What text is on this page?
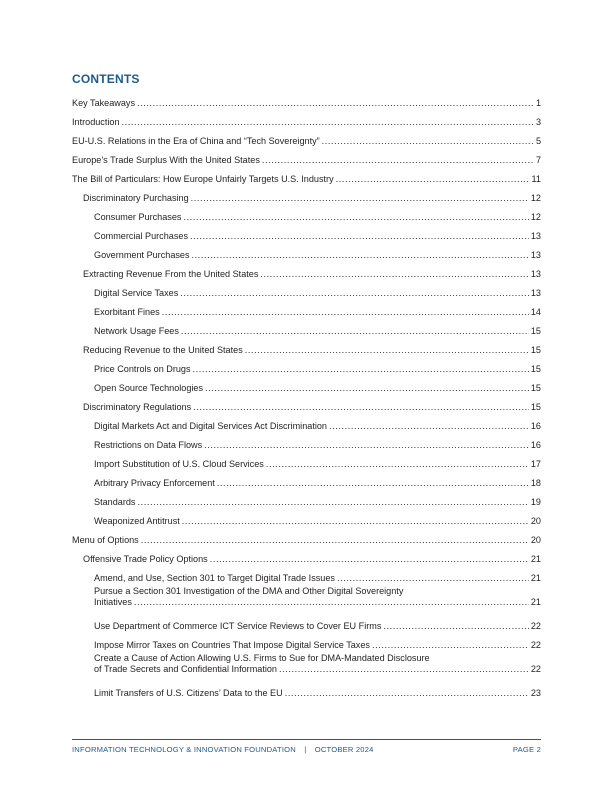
CONTENTS
Key Takeaways .....	1
Introduction .....	3
EU-U.S. Relations in the Era of China and “Tech Sovereignty” .....	5
Europe’s Trade Surplus With the United States .....	7
The Bill of Particulars: How Europe Unfairly Targets U.S. Industry .....	11
Discriminatory Purchasing .....	12
Consumer Purchases .....	12
Commercial Purchases .....	13
Government Purchases .....	13
Extracting Revenue From the United States .....	13
Digital Service Taxes .....	13
Exorbitant Fines .....	14
Network Usage Fees .....	15
Reducing Revenue to the United States .....	15
Price Controls on Drugs .....	15
Open Source Technologies .....	15
Discriminatory Regulations .....	15
Digital Markets Act and Digital Services Act Discrimination .....	16
Restrictions on Data Flows .....	16
Import Substitution of U.S. Cloud Services .....	17
Arbitrary Privacy Enforcement .....	18
Standards .....	19
Weaponized Antitrust .....	20
Menu of Options .....	20
Offensive Trade Policy Options .....	21
Amend, and Use, Section 301 to Target Digital Trade Issues .....	21
Pursue a Section 301 Investigation of the DMA and Other Digital Sovereignty
Initiatives .....	21
Use Department of Commerce ICT Service Reviews to Cover EU Firms .....	22
Impose Mirror Taxes on Countries That Impose Digital Service Taxes .....	22
Create a Cause of Action Allowing U.S. Firms to Sue for DMA-Mandated Disclosure
of Trade Secrets and Confidential Information .....	22
Limit Transfers of U.S. Citizens’ Data to the EU .....	23
INFORMATION TECHNOLOGY & INNOVATION FOUNDATION | OCTOBER 2024	PAGE 2
